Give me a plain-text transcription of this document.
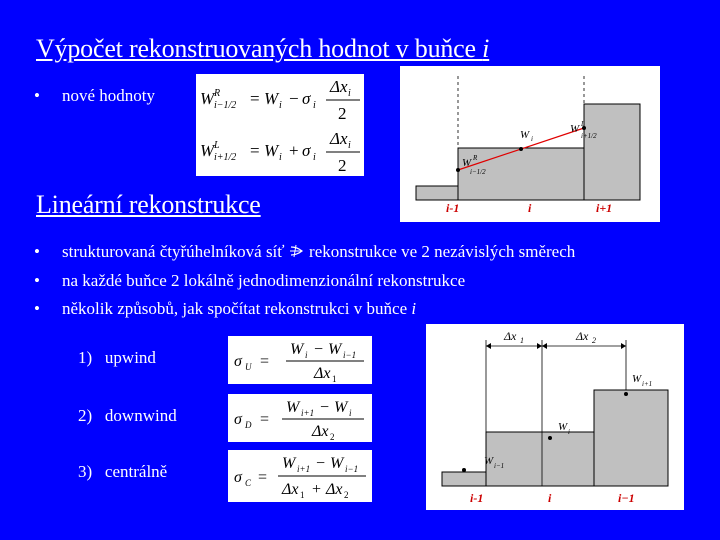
Výpočet rekonstruovaných hodnot v buňce i
• nové hodnoty	W R
i−1/2 = W i − σ i
Δx i
2
W L
i+1/2 = W i + σ i
Δx i
2
W i
W L
i+1/2
W R
i−1/2
i-1	i	i+1
Lineární rekonstrukce
• strukturovaná čtyřúhelníková síť  rekonstrukce ve 2 nezávislých směrech
• na každé buňce 2 lokálně jednodimenzionální rekonstrukce
• několik způsobů, jak spočítat rekonstrukci v buňce i
1) upwind
2) downwind
3) centrálně
σ U =
W i − W i−1
Δx 1
σ D =
W i+1 − W i
Δx 2
σ C =
W i+1 − W i−1
Δx 1 + Δx 2
Δx 1	Δx 2
W i+1
W i
W i−1
i-1	i	i−1
